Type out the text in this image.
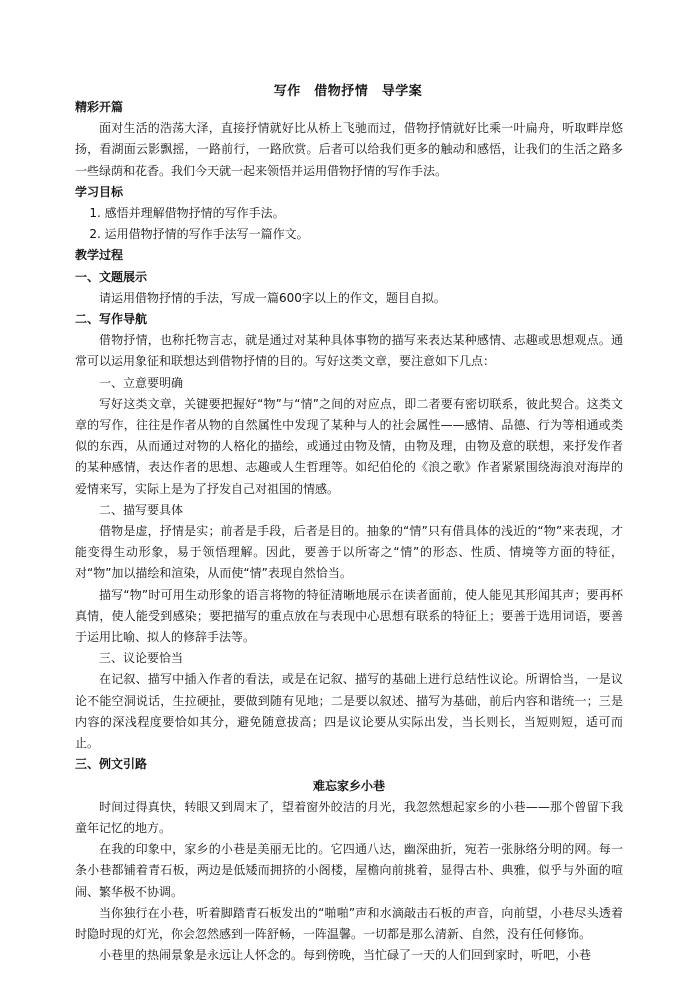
写作　借物抒情　导学案

精彩开篇

面对生活的浩荡大泽，直接抒情就好比从桥上飞驰而过，借物抒情就好比乘一叶扁舟，听取畔岸悠扬，看湖面云影飘摇，一路前行，一路欣赏。后者可以给我们更多的触动和感悟，让我们的生活之路多一些绿荫和花香。我们今天就一起来领悟并运用借物抒情的写作手法。

学习目标

1. 感悟并理解借物抒情的写作手法。

2. 运用借物抒情的写作手法写一篇作文。

教学过程

一、文题展示

请运用借物抒情的手法，写成一篇600字以上的作文，题目自拟。

二、写作导航

借物抒情，也称托物言志，就是通过对某种具体事物的描写来表达某种感情、志趣或思想观点。通常可以运用象征和联想达到借物抒情的目的。写好这类文章，要注意如下几点：

一、立意要明确

写好这类文章，关键要把握好“物”与“情”之间的对应点，即二者要有密切联系，彼此契合。这类文章的写作，往往是作者从物的自然属性中发现了某种与人的社会属性——感情、品德、行为等相通或类似的东西，从而通过对物的人格化的描绘，或通过由物及情，由物及理，由物及意的联想，来抒发作者的某种感情，表达作者的思想、志趣或人生哲理等。如纪伯伦的《浪之歌》作者紧紧围绕海浪对海岸的爱情来写，实际上是为了抒发自己对祖国的情感。

二、描写要具体

借物是虚，抒情是实；前者是手段，后者是目的。抽象的“情”只有借具体的浅近的“物”来表现，才能变得生动形象，易于领悟理解。因此，要善于以所寄之“情”的形态、性质、情境等方面的特征，对“物”加以描绘和渲染，从而使“情”表现自然恰当。

描写“物”时可用生动形象的语言将物的特征清晰地展示在读者面前，使人能见其形闻其声；要再杯真情，使人能受到感染；要把描写的重点放在与表现中心思想有联系的特征上；要善于选用词语，要善于运用比喻、拟人的修辞手法等。

三、议论要恰当

在记叙、描写中插入作者的看法，或是在记叙、描写的基础上进行总结性议论。所谓恰当，一是议论不能空洞说话，生拉硬扯，要做到随有见地；二是要以叙述、描写为基础，前后内容和谐统一；三是内容的深浅程度要恰如其分，避免随意拔高；四是议论要从实际出发，当长则长，当短则短，适可而止。

三、例文引路

难忘家乡小巷

时间过得真快，转眼又到周末了，望着窗外皎洁的月光，我忽然想起家乡的小巷——那个曾留下我童年记忆的地方。

在我的印象中，家乡的小巷是美丽无比的。它四通八达，幽深曲折，宛若一张脉络分明的网。每一条小巷都铺着青石板，两边是低矮而拥挤的小阁楼，屋檐向前挑着，显得古朴、典雅，似乎与外面的喧闹、繁华极不协调。

当你独行在小巷，听着脚踏青石板发出的“啪啪”声和水滴敲击石板的声音，向前望，小巷尽头透着时隐时现的灯光，你会忽然感到一阵舒畅，一阵温馨。一切都是那么清新、自然，没有任何修饰。

小巷里的热闹景象是永远让人怀念的。每到傍晚，当忙碌了一天的人们回到家时，听吧，小巷
